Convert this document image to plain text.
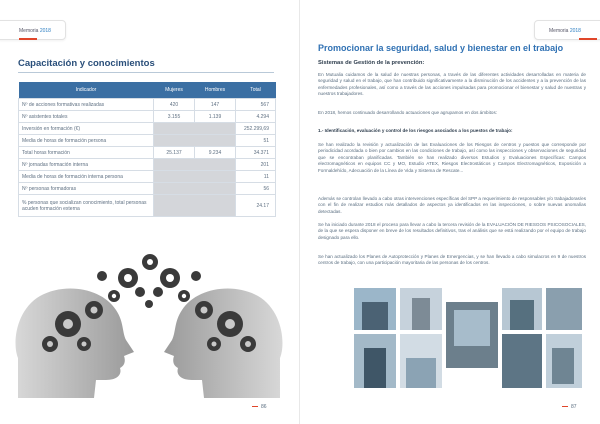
Memoria 2018
Capacitación y conocimientos
Indicador	Mujeres	Hombres	Total
Nº de acciones formativas realizadas	420	147	567
Nº asistentes totales	3.155	1.139	4.294
Inversión en formación (€)			252.299,69
Media de horas de formación persona			51
Total horas formación	25.137	9.234	34.371
Nº jornadas formación interna			201
Media de horas de formación interna persona			11
Nº personas formadoras			56
% personas que socializan conocimiento, total personas acuden formación externa			24.17
86
Memoria 2018
Promocionar la seguridad, salud y bienestar en el trabajo
Sistemas de Gestión de la prevención:
En Mutualia cuidamos de la salud de nuestras personas, a través de las diferentes actividades desarrolladas en materia de seguridad y salud en el trabajo, que han contribuido significativamente a la disminución de los accidentes y a la prevención de las enfermedades profesionales, así como a través de las acciones impulsadas para promocionar el bienestar y salud de nuestras y nuestros trabajadores.
En 2018, hemos continuado desarrollando actuaciones que agrupamos en dos ámbitos:
1.- Identificación, evaluación y control de los riesgos asociados a los puestos de trabajo:
Se han realizado la revisión y actualización de las Evaluaciones de los Riesgos de centros y puestos que corresponde por periodicidad acordada o bien por cambios en las condiciones de trabajo, así como las inspecciones y observaciones de seguridad que se encontraban planificadas. También se han realizado diversos Estudios y Evaluaciones Específicas: Campos electromagnéticos en equipos CC y MO, Estudio ATEX, Riesgos Electrostáticos y Campos Electromagnéticos, Exposición a Formaldehído, Adecuación de la Línea de Vida y Sistema de Rescate...
Además se controlan llevado a cabo otras intervenciones específicas del SPP a requerimiento de responsables y/o trabajadoras/es con el fin de realizar estudios más detallados de aspectos ya identificados en las inspecciones, o sobre nuevas anomalías detectadas.
Se ha iniciado durante 2018 el proceso para llevar a cabo la tercera revisión de la EVALUACIÓN DE RIESGOS PSICOSOCIALES, de la que se espera disponer en breve de los resultados definitivos, tras el análisis que se está realizando por el equipo de trabajo designado para ello.
Se han actualizado los Planes de Autoprotección y Planes de Emergencias, y se han llevado a cabo simulacros en 9 de nuestros centros de trabajo, con una participación mayoritaria de las personas de los centros.
87
